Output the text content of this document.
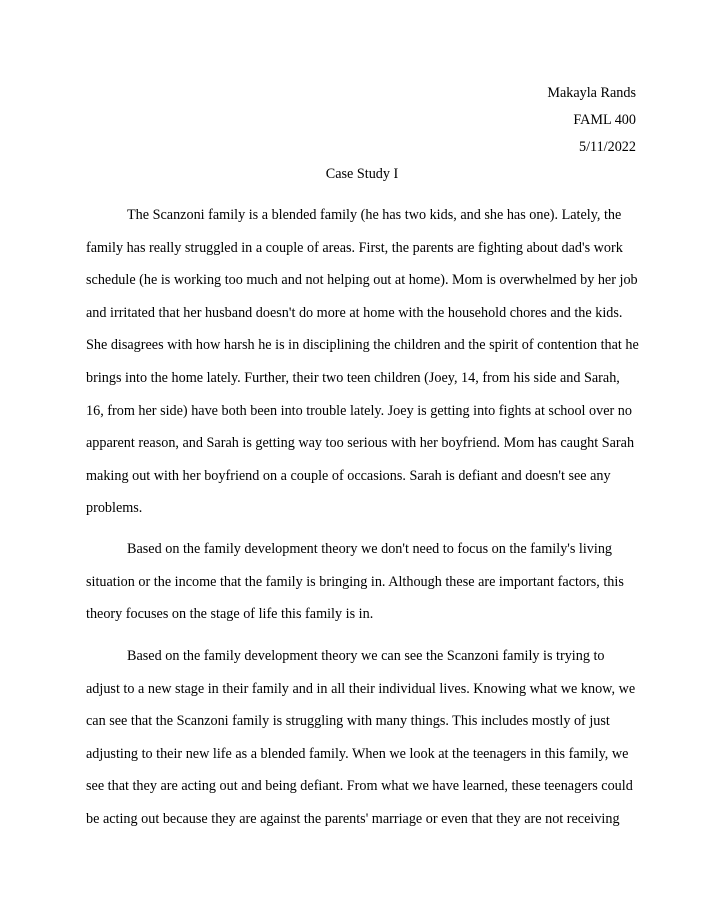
Makayla Rands
FAML 400
5/11/2022
Case Study I

The Scanzoni family is a blended family (he has two kids, and she has one). Lately, the family has really struggled in a couple of areas. First, the parents are fighting about dad's work schedule (he is working too much and not helping out at home). Mom is overwhelmed by her job and irritated that her husband doesn't do more at home with the household chores and the kids. She disagrees with how harsh he is in disciplining the children and the spirit of contention that he brings into the home lately. Further, their two teen children (Joey, 14, from his side and Sarah, 16, from her side) have both been into trouble lately. Joey is getting into fights at school over no apparent reason, and Sarah is getting way too serious with her boyfriend. Mom has caught Sarah making out with her boyfriend on a couple of occasions. Sarah is defiant and doesn't see any problems.

Based on the family development theory we don't need to focus on the family's living situation or the income that the family is bringing in. Although these are important factors, this theory focuses on the stage of life this family is in.

Based on the family development theory we can see the Scanzoni family is trying to adjust to a new stage in their family and in all their individual lives. Knowing what we know, we can see that the Scanzoni family is struggling with many things. This includes mostly of just adjusting to their new life as a blended family. When we look at the teenagers in this family, we see that they are acting out and being defiant. From what we have learned, these teenagers could be acting out because they are against the parents' marriage or even that they are not receiving
